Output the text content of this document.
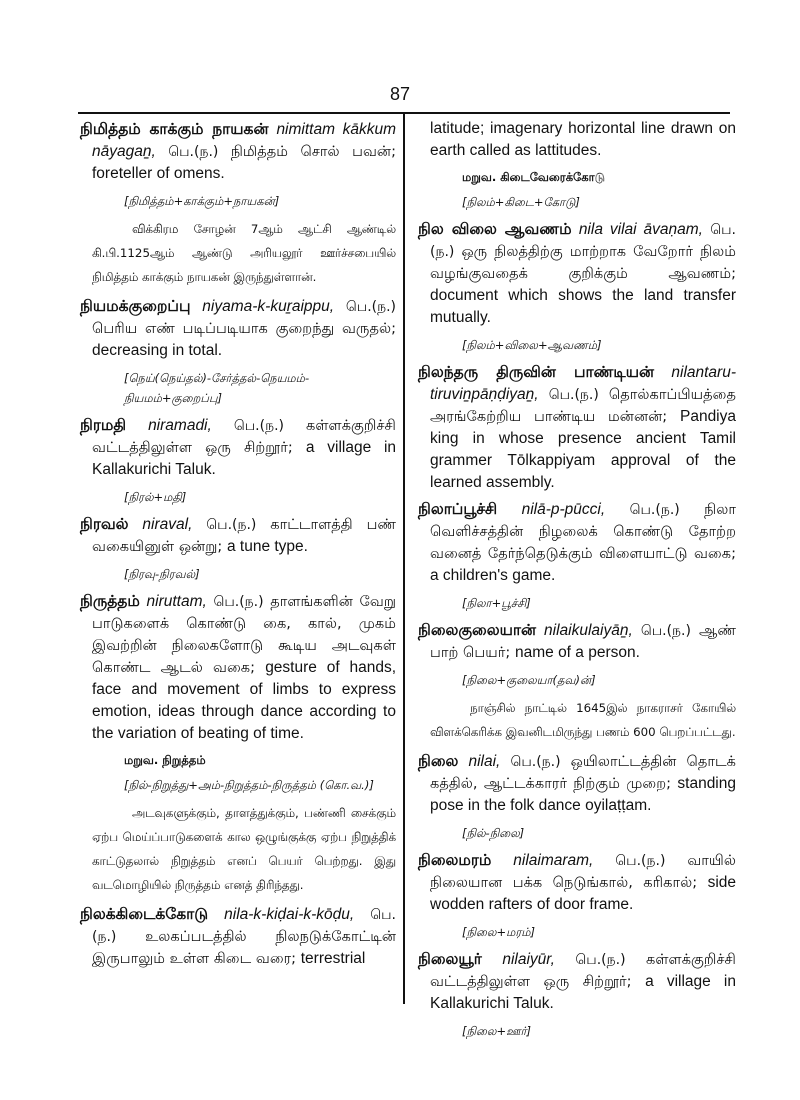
87

நிமித்தம் காக்கும் நாயகன் nimittam kākkum nāyagaṉ, பெ.(ந.) நிமித்தம் சொல் பவன்; foreteller of omens.

[நிமித்தம்+காக்கும்+நாயகன்]
விக்கிரம சோழன் 7ஆம் ஆட்சி ஆண்டில் கி.பி.1125ஆம் ஆண்டு அரியலூர் ஊர்ச்சபையில் நிமித்தம் காக்கும் நாயகன் இருந்துள்ளான்.

நியமக்குறைப்பு niyama-k-kuṟaippu, பெ.(ந.) பெரிய எண் படிப்படியாக குறைந்து வருதல்; decreasing in total.

[நெய்(நெய்தல்)-சேர்த்தல்-நெயமம்-நியமம்+குறைப்பு]

நிரமதி niramadi, பெ.(ந.) கள்ளக்குறிச்சி வட்டத்திலுள்ள ஒரு சிற்றூர்; a village in Kallakurichi Taluk.

[நிரல்+மதி]

நிரவல் niraval, பெ.(ந.) காட்டாளத்தி பண் வகையினுள் ஒன்று; a tune type.

[நிரவு-நிரவல்]

நிருத்தம் niruttam, பெ.(ந.) தாளங்களின் வேறு பாடுகளைக் கொண்டு கை, கால், முகம் இவற்றின் நிலைகளோடு கூடிய அடவுகள் கொண்ட ஆடல் வகை; gesture of hands, face and movement of limbs to express emotion, ideas through dance according to the variation of beating of time.

மறுவ. நிறுத்தம்
[நில்-நிறுத்து+அம்-நிறுத்தம்-நிருத்தம் (கொ.வ.)]
அடவுகளுக்கும், தாளத்துக்கும், பண்ணி சைக்கும் ஏற்ப மெய்ப்பாடுகளைக் கால ஒழுங்குக்கு ஏற்ப நிறுத்திக் காட்டுதலால் நிறுத்தம் எனப் பெயர் பெற்றது. இது வடமொழியில் நிருத்தம் எனத் திரிந்தது.

நிலக்கிடைக்கோடு nila-k-kiḍai-k-kōḍu, பெ.(ந.) உலகப்படத்தில் நிலநடுக்கோட்டின் இருபாலும் உள்ள கிடை வரை; terrestrial

latitude; imagenary horizontal line drawn on earth called as lattitudes.

மறுவ. கிடைவேரைக்கோடு
[நிலம்+கிடை+கோடு]

நில விலை ஆவணம் nila vilai āvaṇam, பெ.(ந.) ஒரு நிலத்திற்கு மாற்றாக வேறோர் நிலம் வழங்குவதைக் குறிக்கும் ஆவணம்; document which shows the land transfer mutually.

[நிலம்+விலை+ஆவணம்]

நிலந்தரு திருவின் பாண்டியன் nilantaru-tiruviṉpāṇḍiyaṉ, பெ.(ந.) தொல்காப்பியத்தை அரங்கேற்றிய பாண்டிய மன்னன்; Pandiya king in whose presence ancient Tamil grammer Tōlkappiyam approval of the learned assembly.

நிலாப்பூச்சி nilā-p-pūcci, பெ.(ந.) நிலா வெளிச்சத்தின் நிழலைக் கொண்டு தோற்ற வனைத் தேர்ந்தெடுக்கும் விளையாட்டு வகை; a children's game.

[நிலா+பூச்சி]

நிலைகுலையான் nilaikulaiyāṉ, பெ.(ந.) ஆண் பாற் பெயர்; name of a person.

[நிலை+குலையா(தவ)ன்]
நாஞ்சில் நாட்டில் 1645இல் நாகராசர் கோயில் விளக்கெரிக்க இவனிடமிருந்து பணம் 600 பெறப்பட்டது.

நிலை nilai, பெ.(ந.) ஒயிலாட்டத்தின் தொடக் கத்தில், ஆட்டக்காரர் நிற்கும் முறை; standing pose in the folk dance oyilaṭṭam.

[நில்-நிலை]

நிலைமரம் nilaimaram, பெ.(ந.) வாயில் நிலையான பக்க நெடுங்கால், கரிகால்; side wodden rafters of door frame.

[நிலை+மரம்]

நிலையூர் nilaiyūr, பெ.(ந.) கள்ளக்குறிச்சி வட்டத்திலுள்ள ஒரு சிற்றூர்; a village in Kallakurichi Taluk.

[நிலை+ஊர்]
